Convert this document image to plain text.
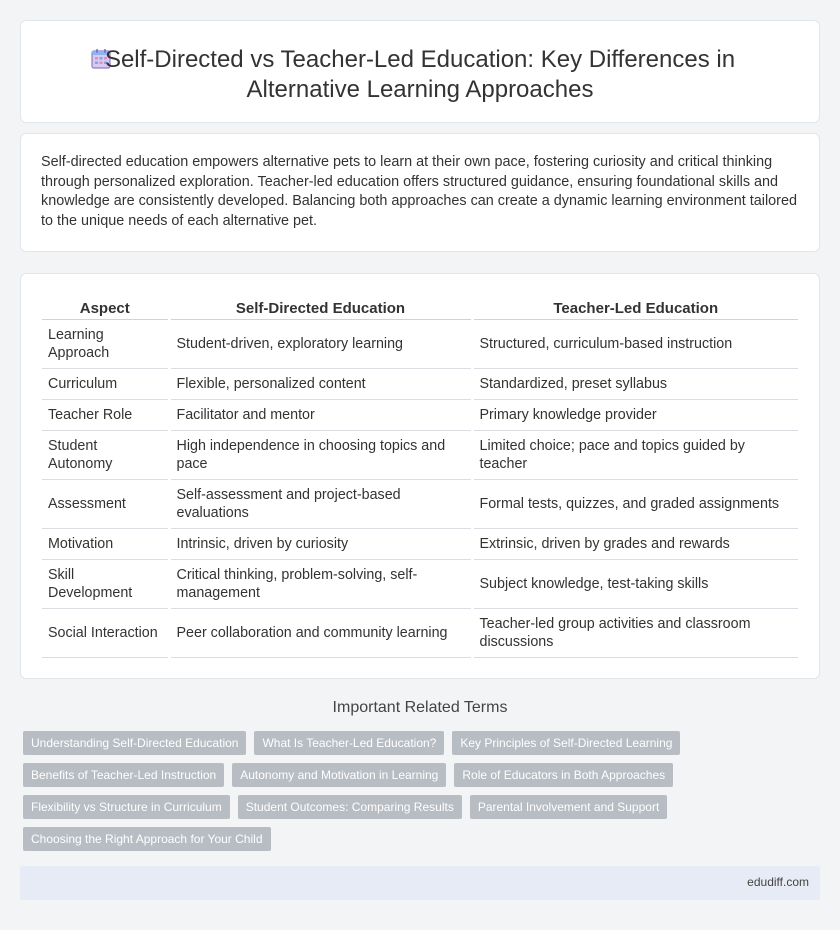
Self-Directed vs Teacher-Led Education: Key Differences in
Alternative Learning Approaches

Self-directed education empowers alternative pets to learn at their own pace, fostering curiosity and critical thinking through personalized exploration. Teacher-led education offers structured guidance, ensuring foundational skills and knowledge are consistently developed. Balancing both approaches can create a dynamic learning environment tailored to the unique needs of each alternative pet.

Aspect	Self-Directed Education	Teacher-Led Education
Learning Approach	Student-driven, exploratory learning	Structured, curriculum-based instruction
Curriculum	Flexible, personalized content	Standardized, preset syllabus
Teacher Role	Facilitator and mentor	Primary knowledge provider
Student Autonomy	High independence in choosing topics and pace	Limited choice; pace and topics guided by teacher
Assessment	Self-assessment and project-based evaluations	Formal tests, quizzes, and graded assignments
Motivation	Intrinsic, driven by curiosity	Extrinsic, driven by grades and rewards
Skill Development	Critical thinking, problem-solving, self-management	Subject knowledge, test-taking skills
Social Interaction	Peer collaboration and community learning	Teacher-led group activities and classroom discussions
Important Related Terms
Understanding Self-Directed Education	What Is Teacher-Led Education?	Key Principles of Self-Directed Learning
Benefits of Teacher-Led Instruction	Autonomy and Motivation in Learning	Role of Educators in Both Approaches
Flexibility vs Structure in Curriculum	Student Outcomes: Comparing Results	Parental Involvement and Support
Choosing the Right Approach for Your Child
edudiff.com
